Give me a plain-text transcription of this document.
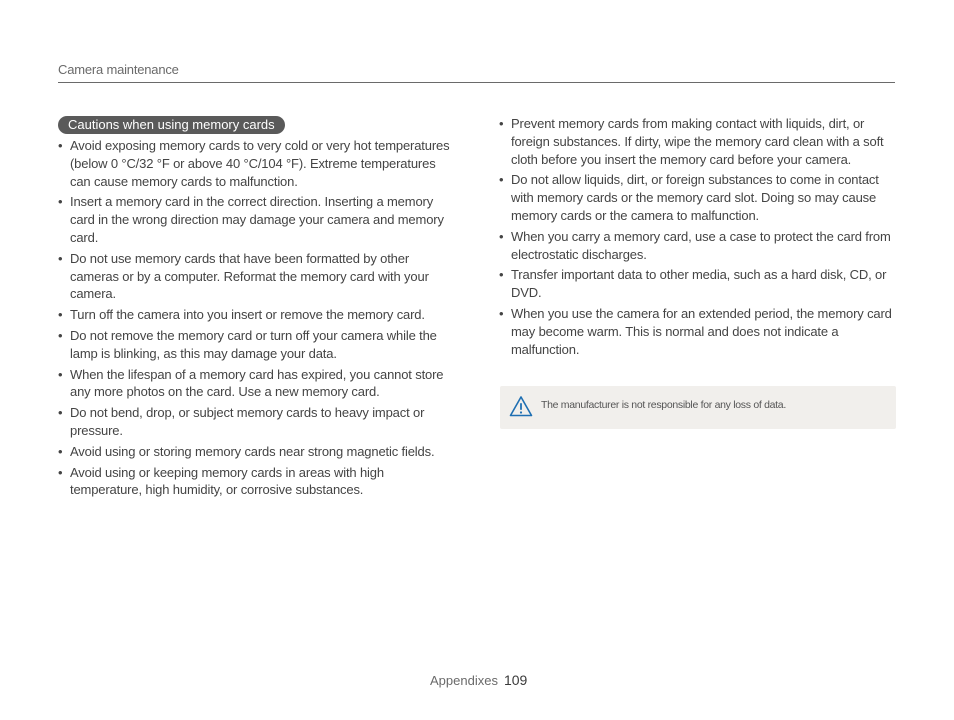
Camera maintenance
Cautions when using memory cards
• Avoid exposing memory cards to very cold or very hot temperatures (below 0 °C/32 °F or above 40 °C/104 °F). Extreme temperatures can cause memory cards to malfunction.
• Insert a memory card in the correct direction. Inserting a memory card in the wrong direction may damage your camera and memory card.
• Do not use memory cards that have been formatted by other cameras or by a computer. Reformat the memory card with your camera.
• Turn off the camera into you insert or remove the memory card.
• Do not remove the memory card or turn off your camera while the lamp is blinking, as this may damage your data.
• When the lifespan of a memory card has expired, you cannot store any more photos on the card. Use a new memory card.
• Do not bend, drop, or subject memory cards to heavy impact or pressure.
• Avoid using or storing memory cards near strong magnetic fields.
• Avoid using or keeping memory cards in areas with high temperature, high humidity, or corrosive substances.
• Prevent memory cards from making contact with liquids, dirt, or foreign substances. If dirty, wipe the memory card clean with a soft cloth before you insert the memory card before your camera.
• Do not allow liquids, dirt, or foreign substances to come in contact with memory cards or the memory card slot. Doing so may cause memory cards or the camera to malfunction.
• When you carry a memory card, use a case to protect the card from electrostatic discharges.
• Transfer important data to other media, such as a hard disk, CD, or DVD.
• When you use the camera for an extended period, the memory card may become warm. This is normal and does not indicate a malfunction.
The manufacturer is not responsible for any loss of data.
Appendixes 109
